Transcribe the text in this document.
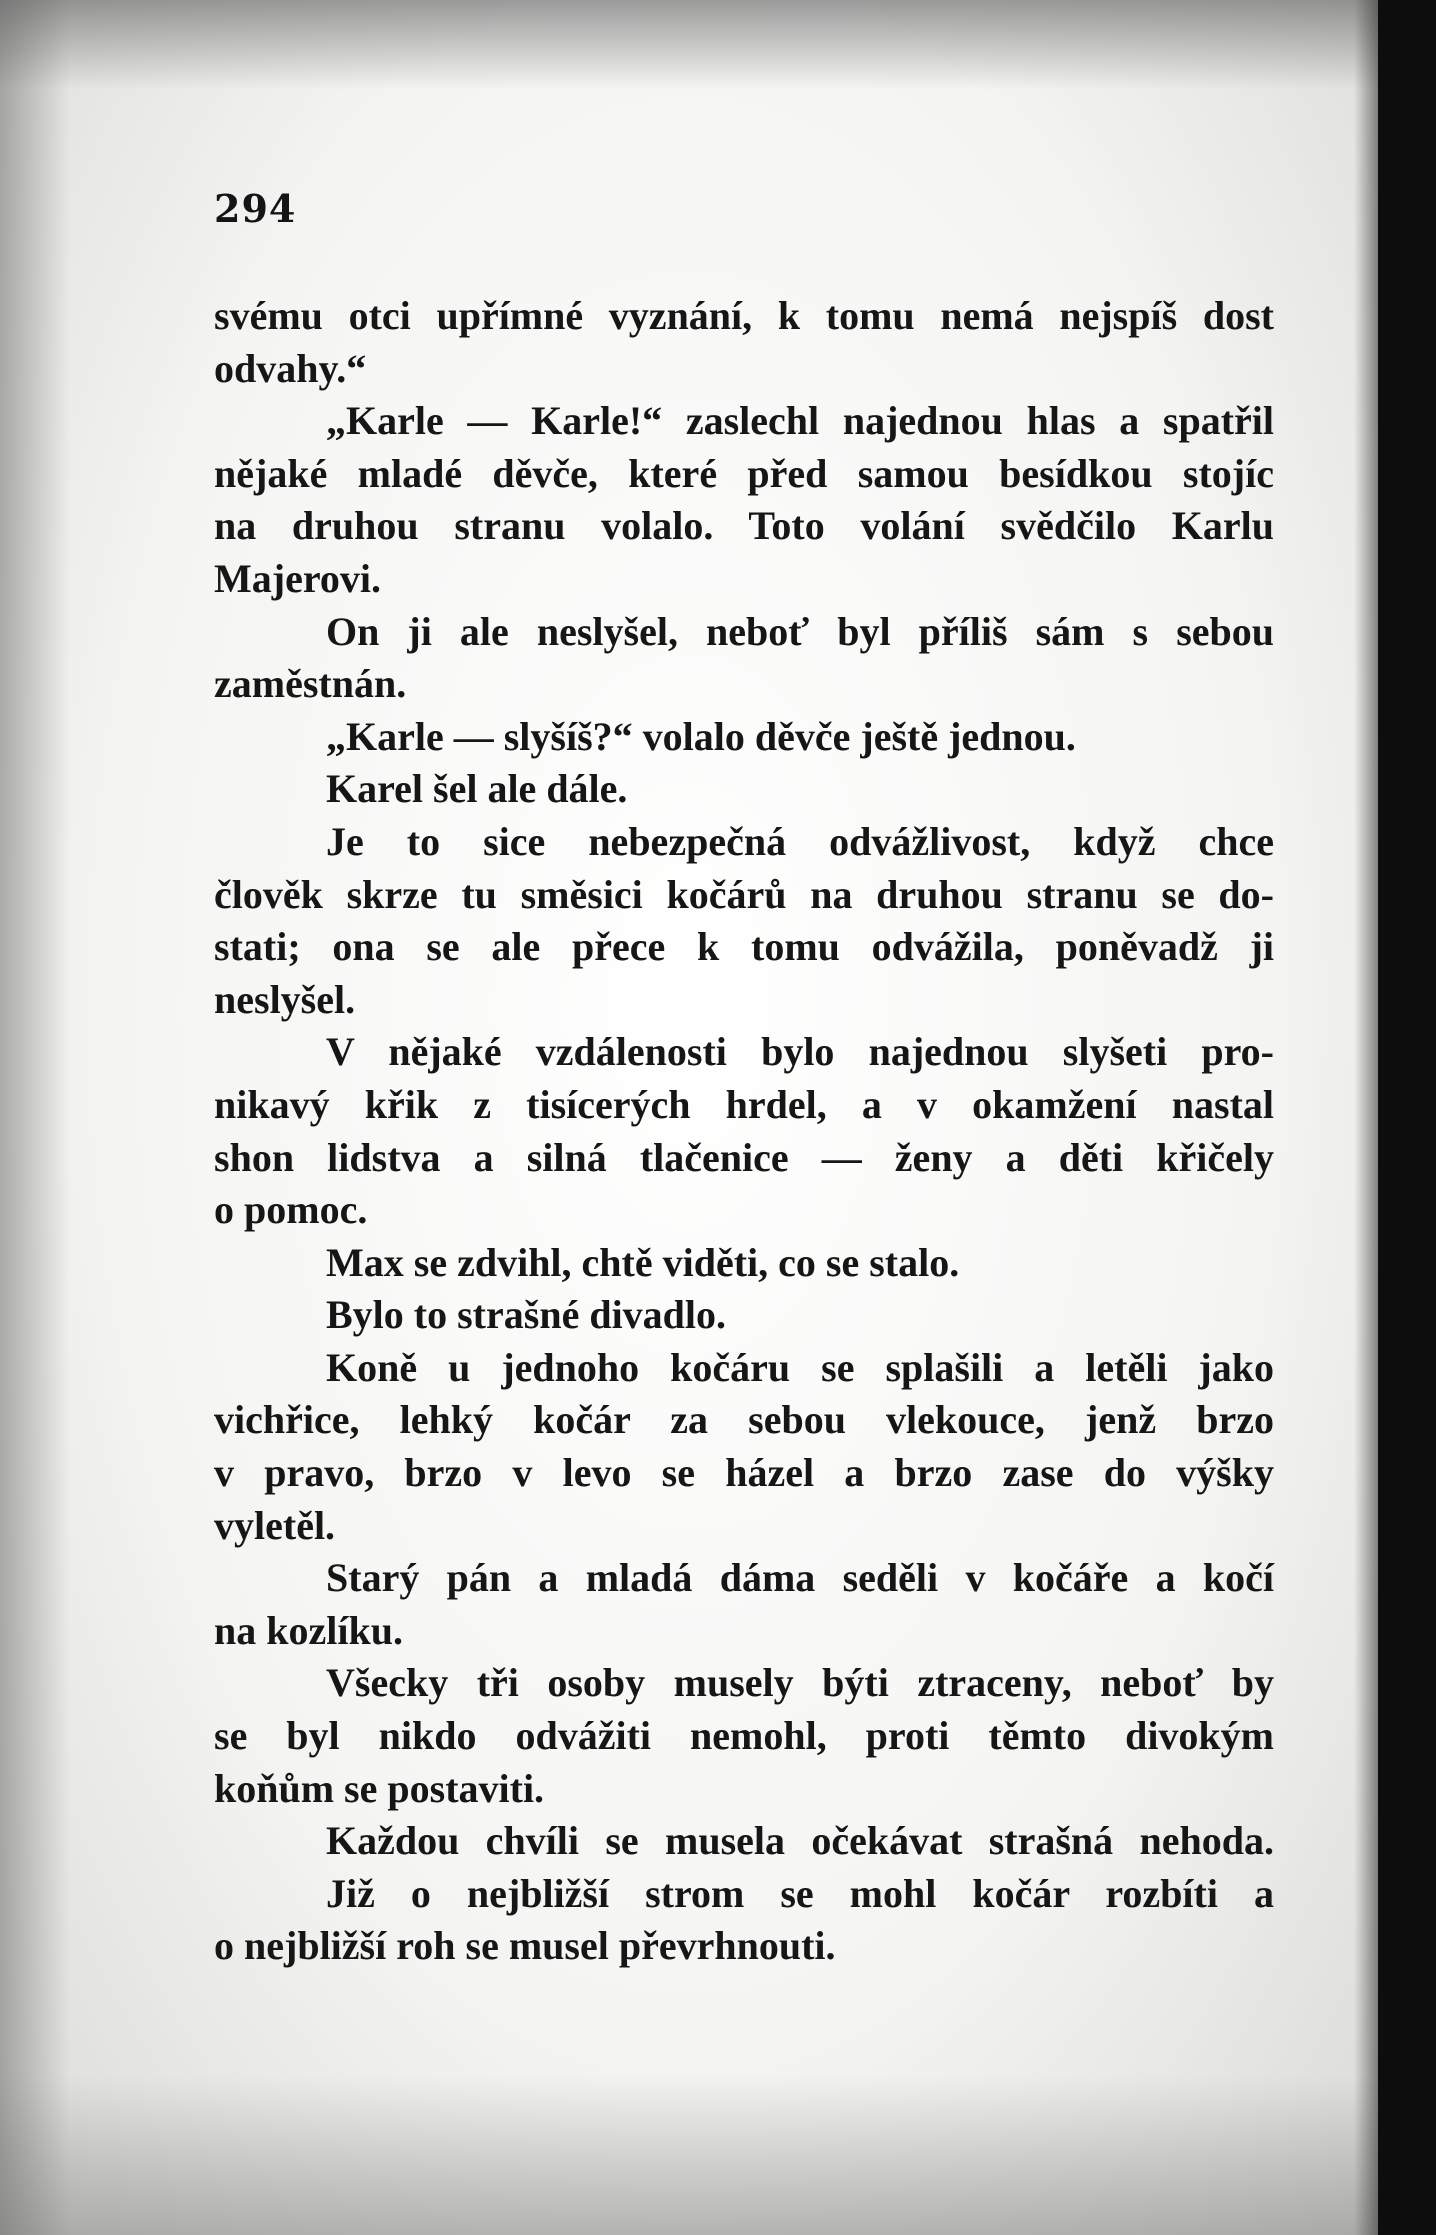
294
svému otci upřímné vyznání, k tomu nemá nejspíš dost
odvahy.“
„Karle — Karle!“ zaslechl najednou hlas a spatřil
nějaké mladé děvče, které před samou besídkou stojíc
na druhou stranu volalo. Toto volání svědčilo Karlu
Majerovi.
On ji ale neslyšel, neboť byl příliš sám s sebou
zaměstnán.
„Karle — slyšíš?“ volalo děvče ještě jednou.
Karel šel ale dále.
Je to sice nebezpečná odvážlivost, když chce
člověk skrze tu směsici kočárů na druhou stranu se do-
stati; ona se ale přece k tomu odvážila, poněvadž ji
neslyšel.
V nějaké vzdálenosti bylo najednou slyšeti pro-
nikavý křik z tisícerých hrdel, a v okamžení nastal
shon lidstva a silná tlačenice — ženy a děti křičely
o pomoc.
Max se zdvihl, chtě viděti, co se stalo.
Bylo to strašné divadlo.
Koně u jednoho kočáru se splašili a letěli jako
vichřice, lehký kočár za sebou vlekouce, jenž brzo
v pravo, brzo v levo se házel a brzo zase do výšky
vyletěl.
Starý pán a mladá dáma seděli v kočáře a kočí
na kozlíku.
Všecky tři osoby musely býti ztraceny, neboť by
se byl nikdo odvážiti nemohl, proti těmto divokým
koňům se postaviti.
Každou chvíli se musela očekávat strašná nehoda.
Již o nejbližší strom se mohl kočár rozbíti a
o nejbližší roh se musel převrhnouti.
